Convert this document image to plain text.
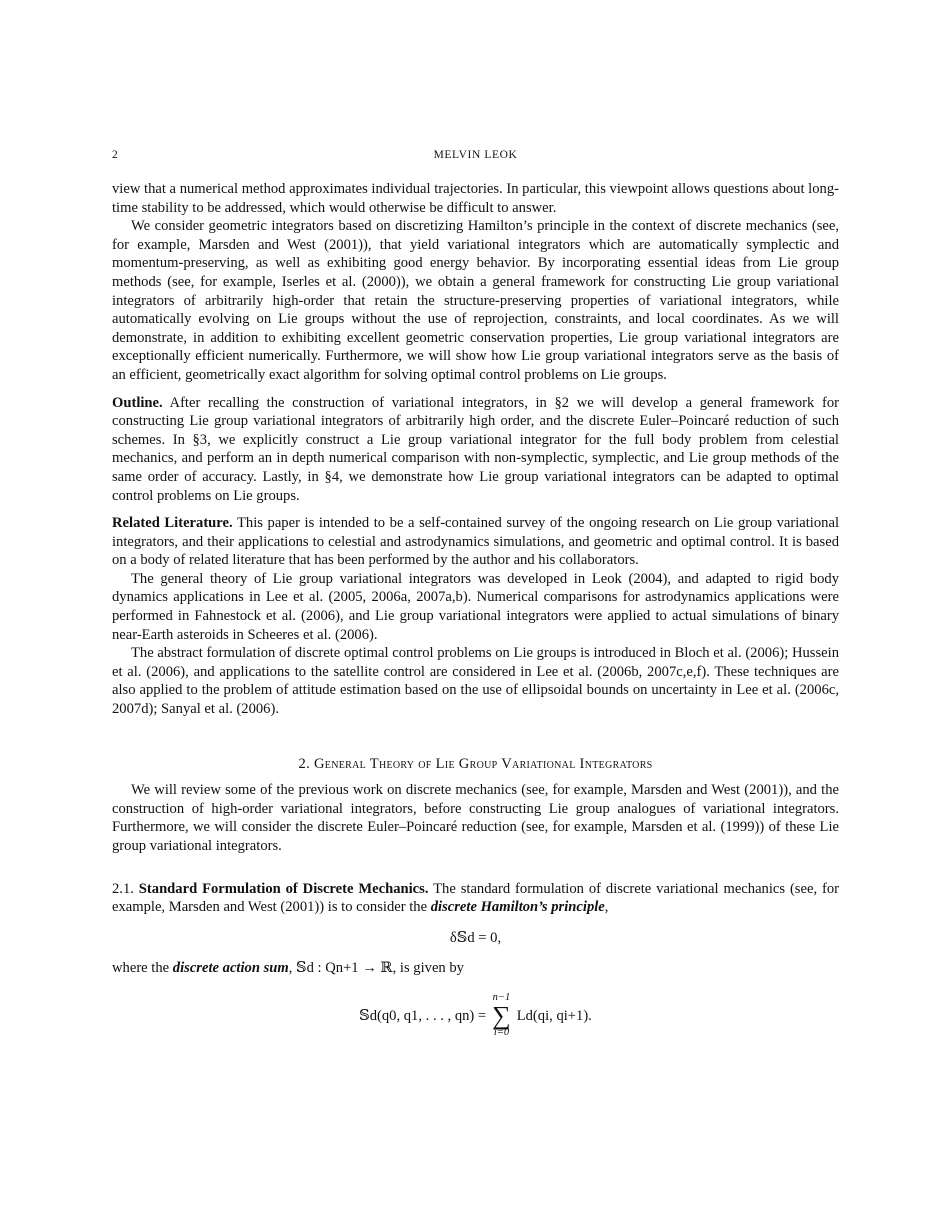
2	MELVIN LEOK

view that a numerical method approximates individual trajectories. In particular, this viewpoint allows questions about long-time stability to be addressed, which would otherwise be difficult to answer.

We consider geometric integrators based on discretizing Hamilton’s principle in the context of discrete mechanics (see, for example, Marsden and West (2001)), that yield variational integrators which are automatically symplectic and momentum-preserving, as well as exhibiting good energy behavior. By incorporating essential ideas from Lie group methods (see, for example, Iserles et al. (2000)), we obtain a general framework for constructing Lie group variational integrators of arbitrarily high-order that retain the structure-preserving properties of variational integrators, while automatically evolving on Lie groups without the use of reprojection, constraints, and local coordinates. As we will demonstrate, in addition to exhibiting excellent geometric conservation properties, Lie group variational integrators are exceptionally efficient numerically. Furthermore, we will show how Lie group variational integrators serve as the basis of an efficient, geometrically exact algorithm for solving optimal control problems on Lie groups.

Outline. After recalling the construction of variational integrators, in §2 we will develop a general framework for constructing Lie group variational integrators of arbitrarily high order, and the discrete Euler–Poincaré reduction of such schemes. In §3, we explicitly construct a Lie group variational integrator for the full body problem from celestial mechanics, and perform an in depth numerical comparison with non-symplectic, symplectic, and Lie group methods of the same order of accuracy. Lastly, in §4, we demonstrate how Lie group variational integrators can be adapted to optimal control problems on Lie groups.

Related Literature. This paper is intended to be a self-contained survey of the ongoing research on Lie group variational integrators, and their applications to celestial and astrodynamics simulations, and geometric and optimal control. It is based on a body of related literature that has been performed by the author and his collaborators.

The general theory of Lie group variational integrators was developed in Leok (2004), and adapted to rigid body dynamics applications in Lee et al. (2005, 2006a, 2007a,b). Numerical comparisons for astrodynamics applications were performed in Fahnestock et al. (2006), and Lie group variational integrators were applied to actual simulations of binary near-Earth asteroids in Scheeres et al. (2006).

The abstract formulation of discrete optimal control problems on Lie groups is introduced in Bloch et al. (2006); Hussein et al. (2006), and applications to the satellite control are considered in Lee et al. (2006b, 2007c,e,f). These techniques are also applied to the problem of attitude estimation based on the use of ellipsoidal bounds on uncertainty in Lee et al. (2006c, 2007d); Sanyal et al. (2006).

2. General Theory of Lie Group Variational Integrators

We will review some of the previous work on discrete mechanics (see, for example, Marsden and West (2001)), and the construction of high-order variational integrators, before constructing Lie group analogues of variational integrators. Furthermore, we will consider the discrete Euler–Poincaré reduction (see, for example, Marsden et al. (1999)) of these Lie group variational integrators.

2.1. Standard Formulation of Discrete Mechanics. The standard formulation of discrete variational mechanics (see, for example, Marsden and West (2001)) is to consider the discrete Hamilton’s principle,

δ𝕊d = 0,

where the discrete action sum, 𝕊d : Qn+1 → ℝ, is given by

𝕊d(q0, q1, . . . , qn) =
n−1
∑
i=0
Ld(qi, qi+1).
